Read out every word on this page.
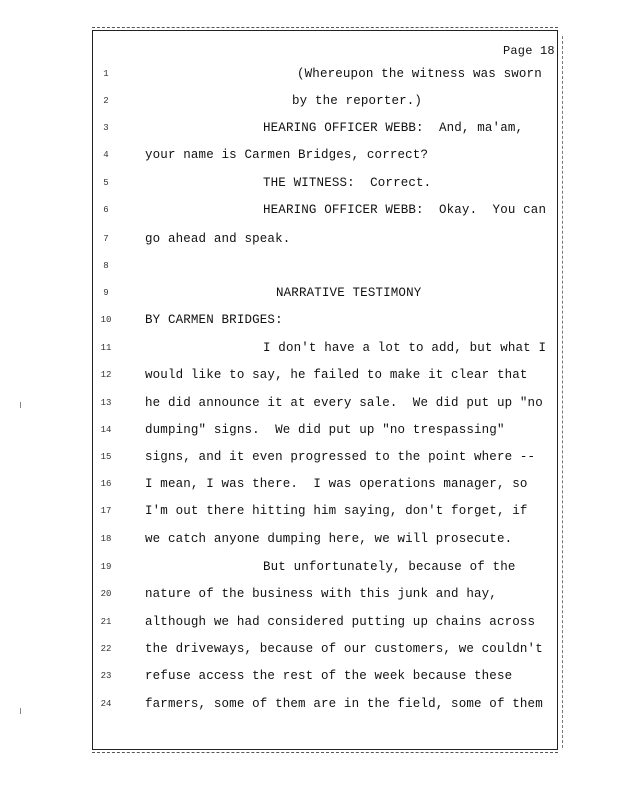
Page 18
1	(Whereupon the witness was sworn
2	by the reporter.)
3	HEARING OFFICER WEBB:  And, ma'am,
4	your name is Carmen Bridges, correct?
5	THE WITNESS:  Correct.
6	HEARING OFFICER WEBB:  Okay.  You can
7	go ahead and speak.
8
9	NARRATIVE TESTIMONY
10	BY CARMEN BRIDGES:
11	I don't have a lot to add, but what I
12	would like to say, he failed to make it clear that
13	he did announce it at every sale.  We did put up "no
14	dumping" signs.  We did put up "no trespassing"
15	signs, and it even progressed to the point where --
16	I mean, I was there.  I was operations manager, so
17	I'm out there hitting him saying, don't forget, if
18	we catch anyone dumping here, we will prosecute.
19	But unfortunately, because of the
20	nature of the business with this junk and hay,
21	although we had considered putting up chains across
22	the driveways, because of our customers, we couldn't
23	refuse access the rest of the week because these
24	farmers, some of them are in the field, some of them
